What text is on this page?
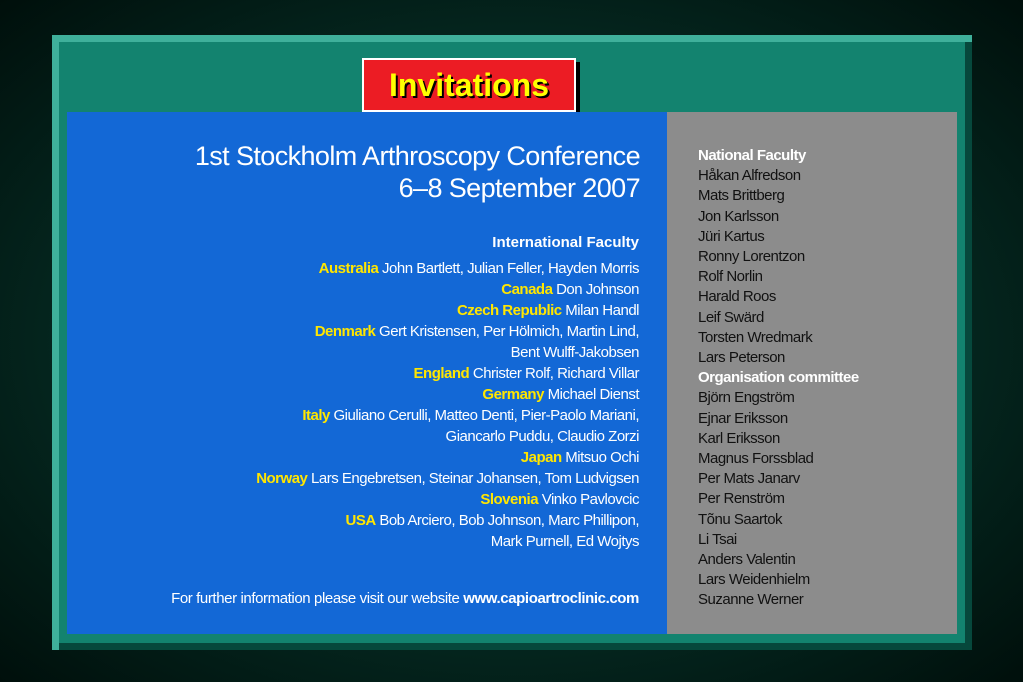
Invitations
1st Stockholm Arthroscopy Conference
6–8 September 2007
International Faculty
Australia John Bartlett, Julian Feller, Hayden Morris
Canada Don Johnson
Czech Republic Milan Handl
Denmark Gert Kristensen, Per Hölmich, Martin Lind,
Bent Wulff-Jakobsen
England Christer Rolf, Richard Villar
Germany Michael Dienst
Italy Giuliano Cerulli, Matteo Denti, Pier-Paolo Mariani,
Giancarlo Puddu, Claudio Zorzi
Japan Mitsuo Ochi
Norway Lars Engebretsen, Steinar Johansen, Tom Ludvigsen
Slovenia Vinko Pavlovcic
USA Bob Arciero, Bob Johnson, Marc Phillipon,
Mark Purnell, Ed Wojtys
For further information please visit our website www.capioartroclinic.com
National Faculty
Håkan Alfredson
Mats Brittberg
Jon Karlsson
Jüri Kartus
Ronny Lorentzon
Rolf Norlin
Harald Roos
Leif Swärd
Torsten Wredmark
Lars Peterson
Organisation committee
Björn Engström
Ejnar Eriksson
Karl Eriksson
Magnus Forssblad
Per Mats Janarv
Per Renström
Tõnu Saartok
Li Tsai
Anders Valentin
Lars Weidenhielm
Suzanne Werner
